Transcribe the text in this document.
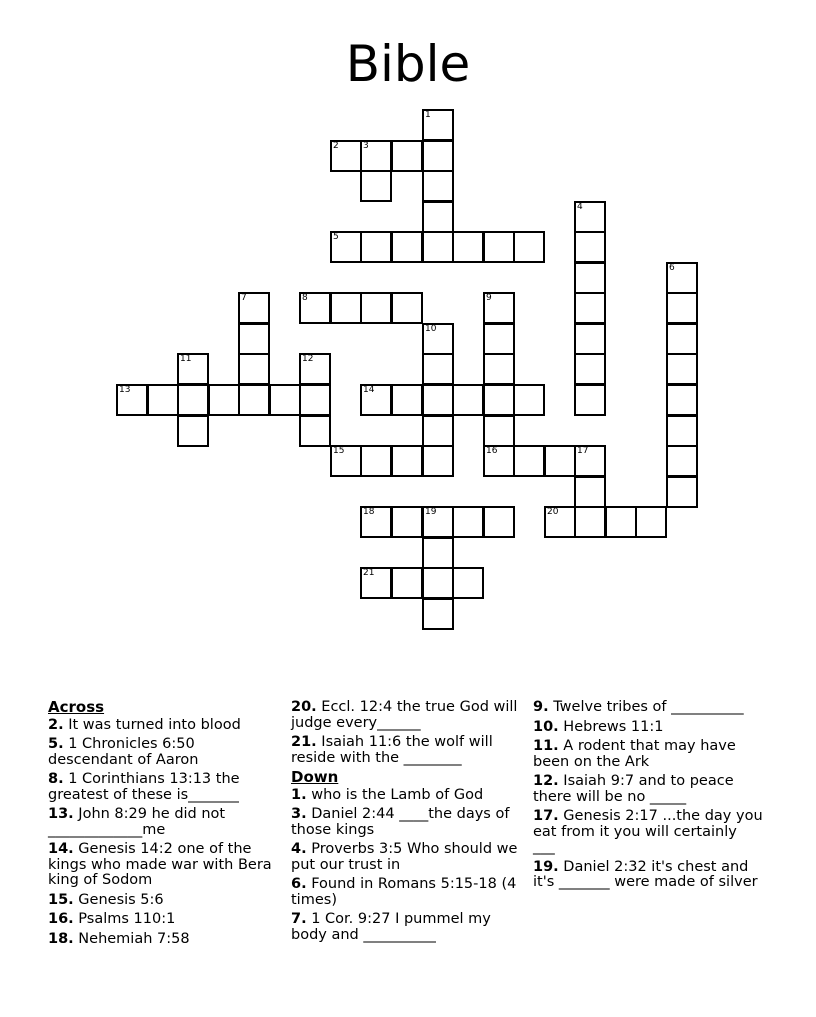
Bible
1
2	3
4
5
6
7	8	9
16
10
11	12
13	14
15	17
18	19	20
21
Across
2. It was turned into blood
5. 1 Chronicles 6:50 descendant of Aaron
8. 1 Corinthians 13:13 the greatest of these is_______
13. John 8:29 he did not _____________me
14. Genesis 14:2 one of the kings who made war with Bera king of Sodom
15. Genesis 5:6
16. Psalms 110:1
18. Nehemiah 7:58
20. Eccl. 12:4 the true God will judge every______
21. Isaiah 11:6 the wolf will reside with the ________
Down
1. who is the Lamb of God
3. Daniel 2:44 ____the days of those kings
4. Proverbs 3:5 Who should we put our trust in
6. Found in Romans 5:15-18 (4 times)
7. 1 Cor. 9:27 I pummel my body and __________
9. Twelve tribes of __________
10. Hebrews 11:1
11. A rodent that may have been on the Ark
12. Isaiah 9:7 and to peace there will be no _____
17. Genesis 2:17 ...the day you eat from it you will certainly ___
19. Daniel 2:32 it's chest and it's _______ were made of silver
